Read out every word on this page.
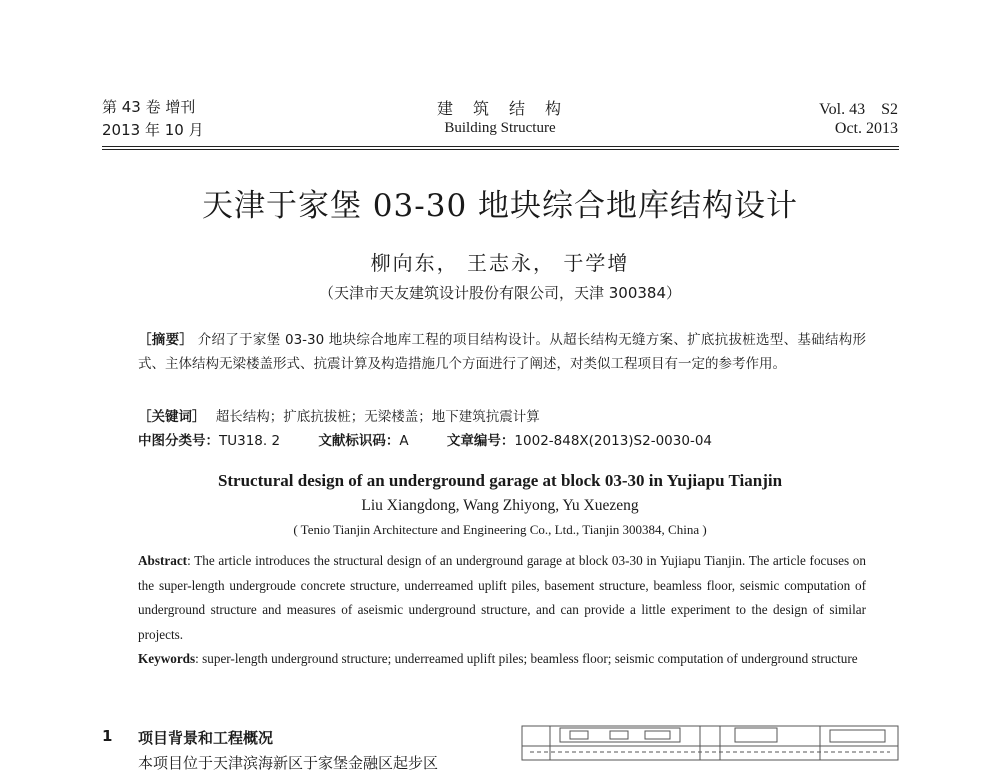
第 43 卷 增刊
2013 年 10 月
建　筑　结　构
Building Structure
Vol. 43　S2
Oct. 2013
天津于家堡 03-30 地块综合地库结构设计
柳向东， 王志永， 于学增
（天津市天友建筑设计股份有限公司，天津 300384）
［摘要］ 介绍了于家堡 03-30 地块综合地库工程的项目结构设计。从超长结构无缝方案、扩底抗拔桩选型、基础结构形式、主体结构无梁楼盖形式、抗震计算及构造措施几个方面进行了阐述，对类似工程项目有一定的参考作用。
［关键词］ 超长结构；扩底抗拔桩；无梁楼盖；地下建筑抗震计算
中图分类号：TU318. 2	文献标识码：A	文章编号：1002-848X(2013)S2-0030-04
Structural design of an underground garage at block 03-30 in Yujiapu Tianjin
Liu Xiangdong, Wang Zhiyong, Yu Xuezeng
( Tenio Tianjin Architecture and Engineering Co., Ltd., Tianjin 300384, China )
Abstract: The article introduces the structural design of an underground garage at block 03-30 in Yujiapu Tianjin. The article focuses on the super-length undergroude concrete structure, underreamed uplift piles, basement structure, beamless floor, seismic computation of underground structure and measures of aseismic underground structure, and can provide a little experiment to the design of similar projects.
Keywords: super-length underground structure; underreamed uplift piles; beamless floor; seismic computation of underground structure
1 项目背景和工程概况
本项目位于天津滨海新区于家堡金融区起步区
